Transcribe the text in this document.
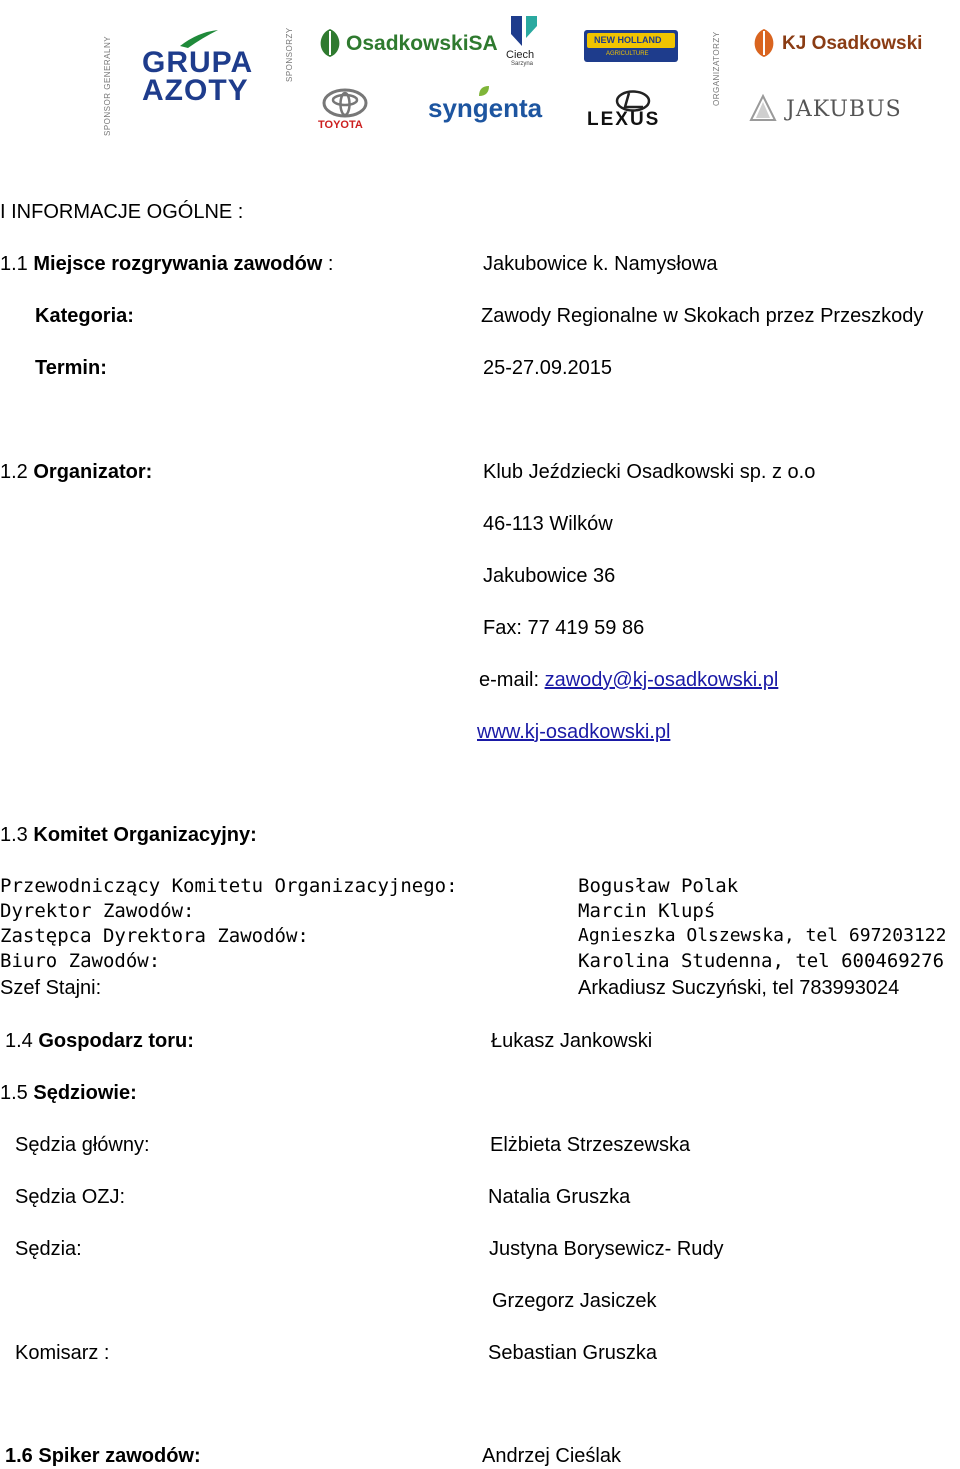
SPONSOR GENERALNY	SPONSORZY	ORGANIZATORZY
GRUPA
AZOTY
OsadkowskiSA Ciech
Sarzyna
NEW HOLLAND
AGRICULTURE	KJ Osadkowski
TOYOTA
syngenta LEXUS	JAKUBUS
I INFORMACJE OGÓLNE :
1.1 Miejsce rozgrywania zawodów :	Jakubowice k. Namysłowa
Kategoria:	Zawody Regionalne w Skokach przez Przeszkody
Termin:	25-27.09.2015
1.2 Organizator:	Klub Jeździecki Osadkowski sp. z o.o
46-113 Wilków
Jakubowice 36
Fax: 77 419 59 86
e-mail: zawody@kj-osadkowski.pl
www.kj-osadkowski.pl
1.3 Komitet Organizacyjny:
Przewodniczący Komitetu Organizacyjnego:	Bogusław Polak
Dyrektor Zawodów:	Marcin Klupś
Zastępca Dyrektora Zawodów:	Agnieszka Olszewska, tel 697203122
Biuro Zawodów:	Karolina Studenna, tel 600469276
Szef Stajni:	Arkadiusz Suczyński, tel 783993024
1.4 Gospodarz toru:	Łukasz Jankowski
1.5 Sędziowie:
Sędzia główny:	Elżbieta Strzeszewska
Sędzia OZJ:	Natalia Gruszka
Sędzia:	Justyna Borysewicz- Rudy
Grzegorz Jasiczek
Komisarz :	Sebastian Gruszka
1.6 Spiker zawodów:	Andrzej Cieślak
